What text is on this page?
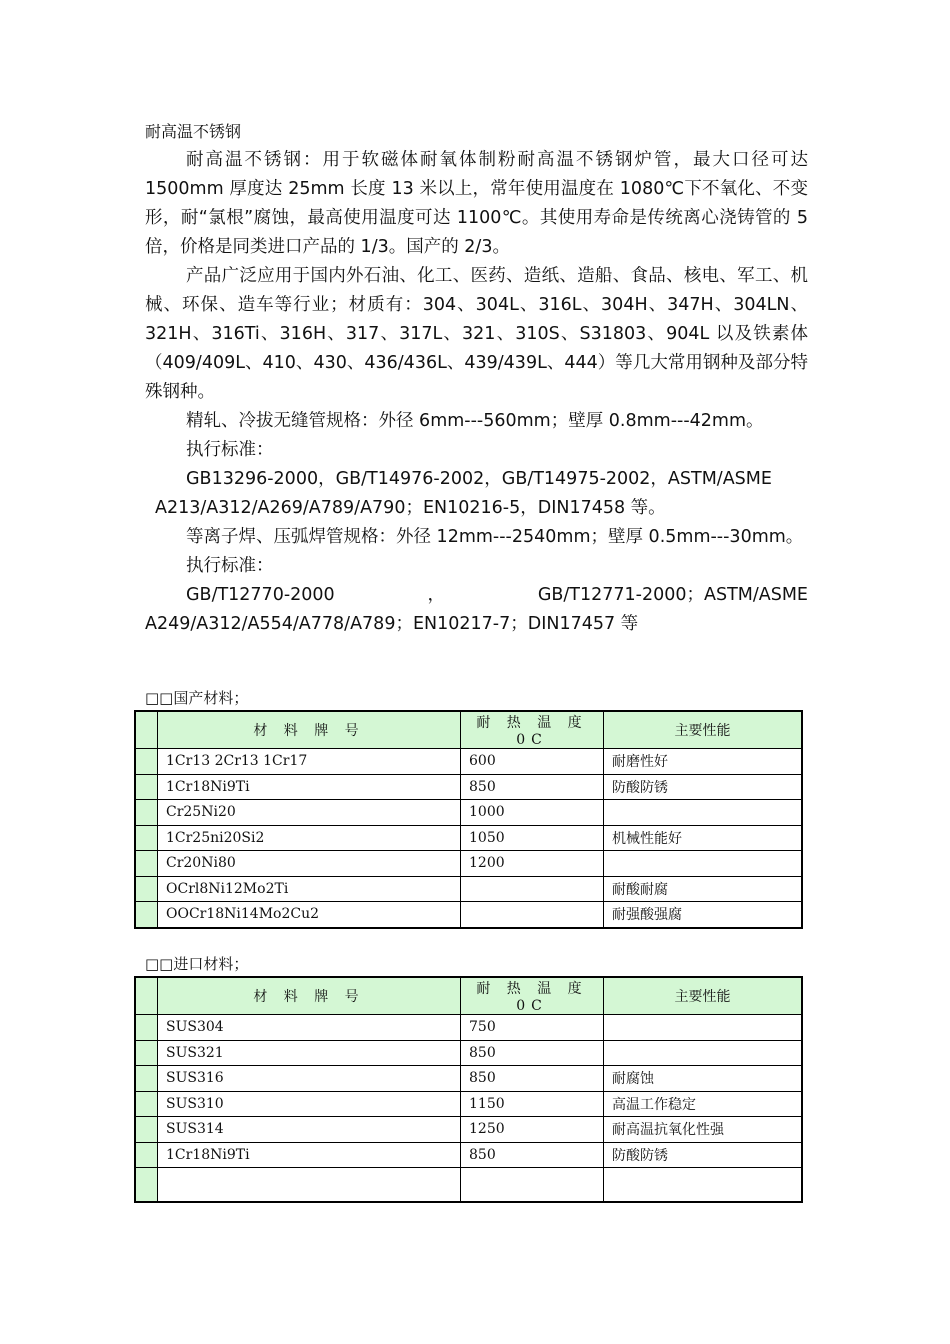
耐高温不锈钢

耐高温不锈钢：用于软磁体耐氧体制粉耐高温不锈钢炉管，最大口径可达 1500mm 厚度达 25mm 长度 13 米以上，常年使用温度在 1080℃下不氧化、不变形，耐“氯根”腐蚀，最高使用温度可达 1100℃。其使用寿命是传统离心浇铸管的 5 倍，价格是同类进口产品的 1/3。国产的 2/3。

产品广泛应用于国内外石油、化工、医药、造纸、造船、食品、核电、军工、机械、环保、造车等行业；材质有：304、304L、316L、304H、347H、304LN、321H、316Ti、316H、317、317L、321、310S、S31803、904L 以及铁素体（409/409L、410、430、436/436L、439/439L、444）等几大常用钢种及部分特殊钢种。

精轧、冷拔无缝管规格：外径 6mm---560mm；壁厚 0.8mm---42mm。

执行标准：

GB13296-2000，GB/T14976-2002，GB/T14975-2002，ASTM/ASME

A213/A312/A269/A789/A790；EN10216-5，DIN17458 等。

等离子焊、压弧焊管规格：外径 12mm---2540mm；壁厚 0.5mm---30mm。

执行标准：

GB/T12770-2000，GB/T12771-2000；ASTM/ASME A249/A312/A554/A778/A789；EN10217-7；DIN17457 等

□□国产材料；
	材 料 牌 号	耐 热 温 度 0C	主要性能
	1Cr13 2Cr13 1Cr17	600	耐磨性好
	1Cr18Ni9Ti	850	防酸防锈
	Cr25Ni20	1000	
	1Cr25ni20Si2	1050	机械性能好
	Cr20Ni80	1200	
	OCrl8Ni12Mo2Ti		耐酸耐腐
	OOCr18Ni14Mo2Cu2		耐强酸强腐
□□进口材料；
	材 料 牌 号	耐 热 温 度 0C	主要性能
	SUS304	750	
	SUS321	850	
	SUS316	850	耐腐蚀
	SUS310	1150	高温工作稳定
	SUS314	1250	耐高温抗氧化性强
	1Cr18Ni9Ti	850	防酸防锈
